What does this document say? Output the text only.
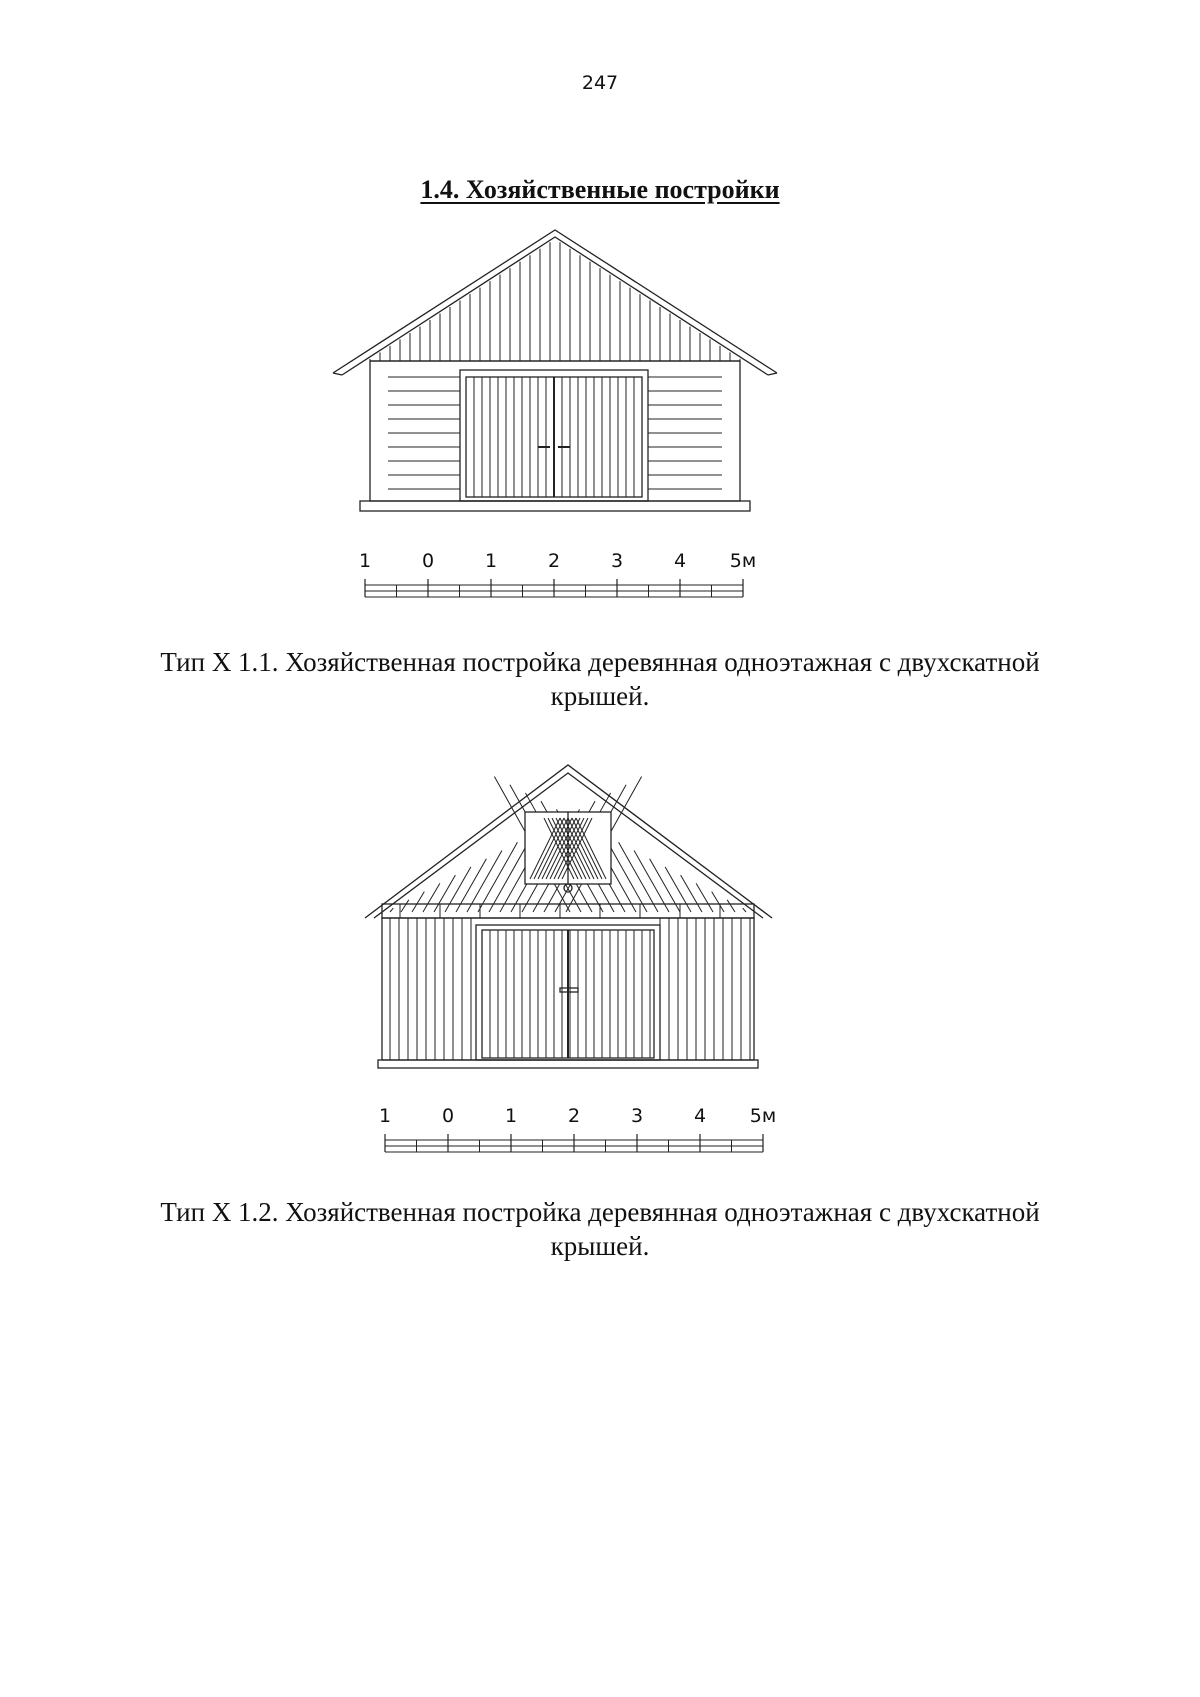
247
1.4. Хозяйственные постройки
1	0	1	2	3	4 5м
Тип Х 1.1. Хозяйственная постройка деревянная одноэтажная с двухскатной
крышей.
1	0	1	2	3	4 5м
Тип Х 1.2. Хозяйственная постройка деревянная одноэтажная с двухскатной
крышей.
